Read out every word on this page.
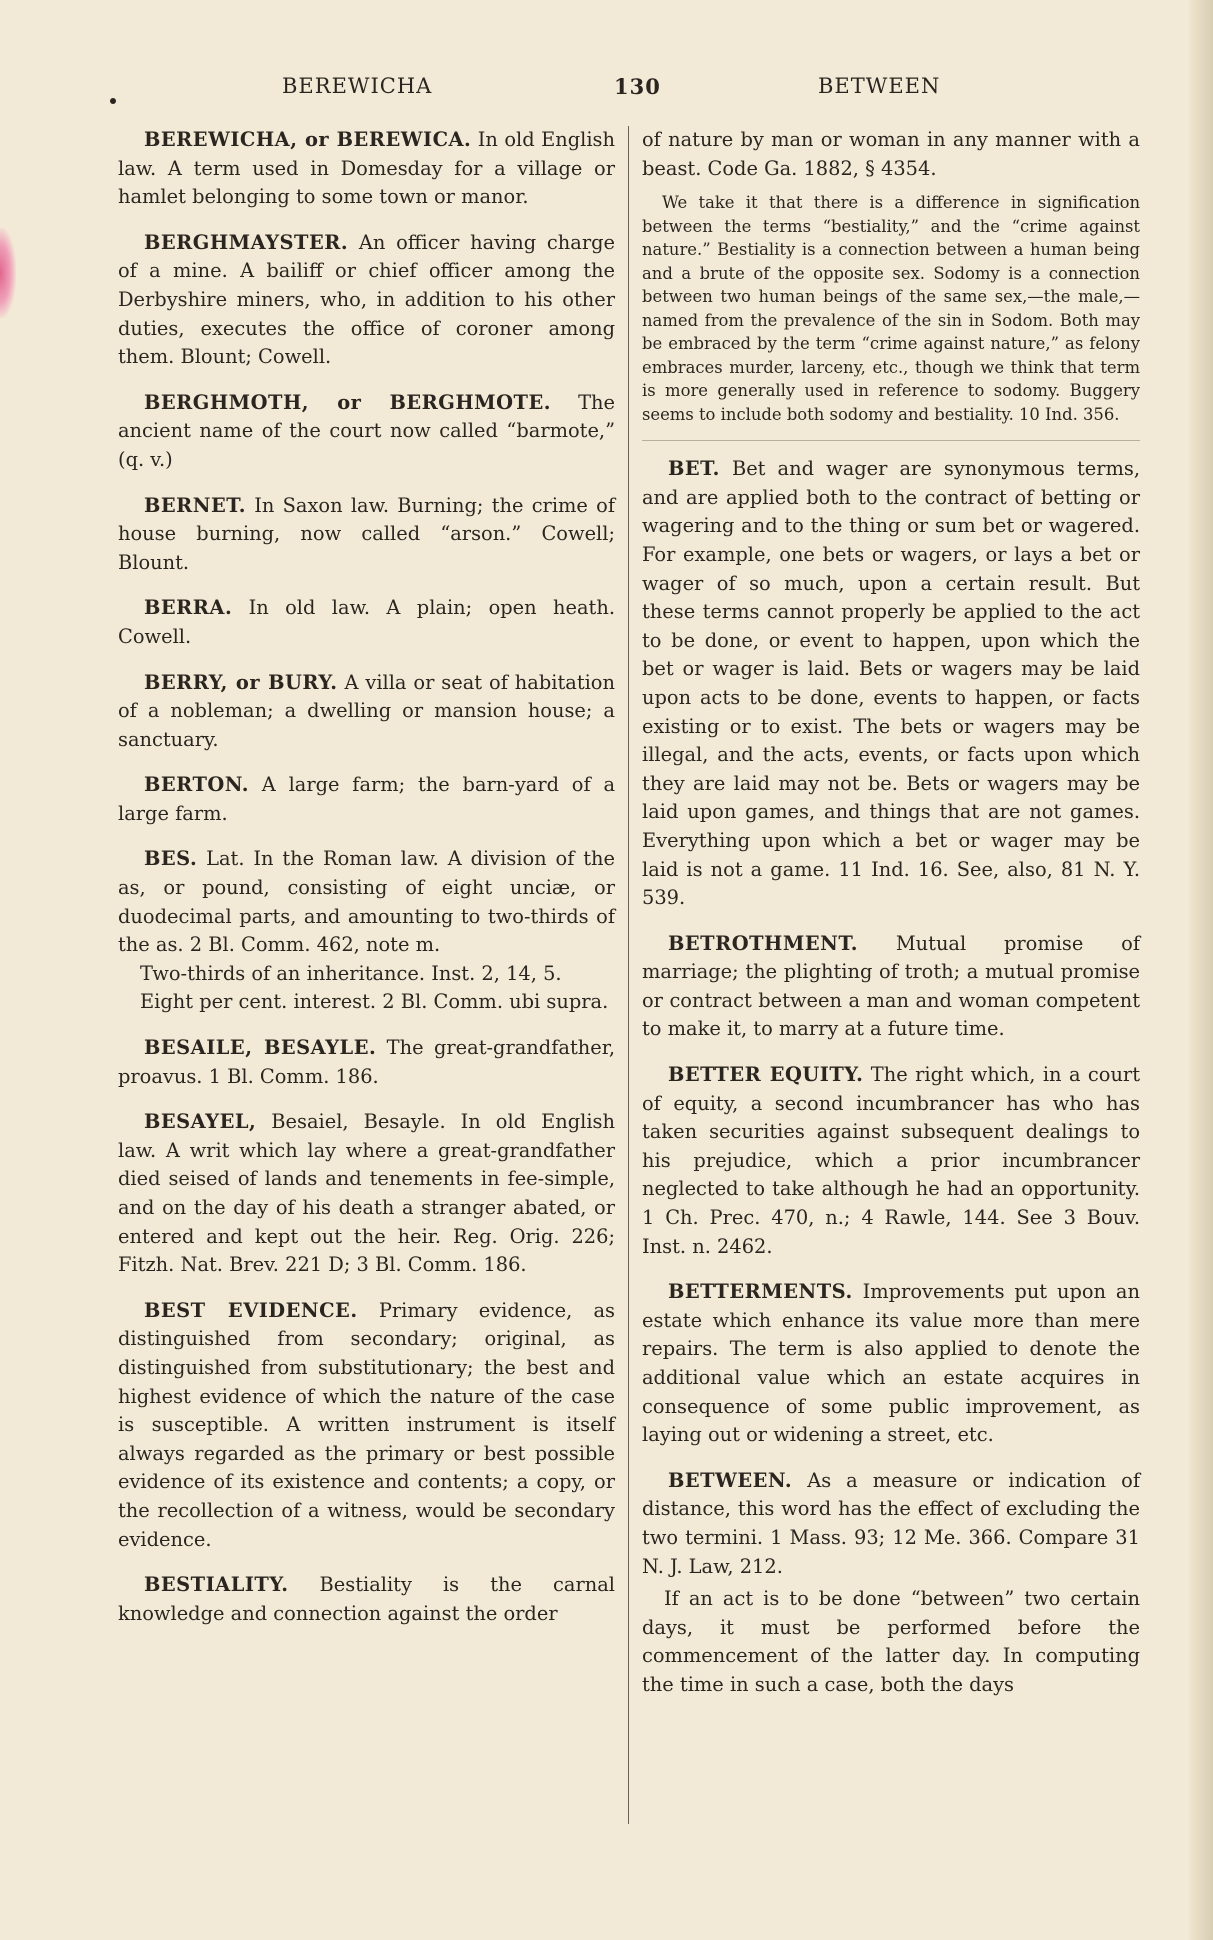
BEREWICHA	130	BETWEEN

BEREWICHA, or BEREWICA. In old English law. A term used in Domesday for a village or hamlet belonging to some town or manor.

BERGHMAYSTER. An officer having charge of a mine. A bailiff or chief officer among the Derbyshire miners, who, in addition to his other duties, executes the office of coroner among them. Blount; Cowell.

BERGHMOTH, or BERGHMOTE. The ancient name of the court now called “barmote,” (q. v.)

BERNET. In Saxon law. Burning; the crime of house burning, now called “arson.” Cowell; Blount.

BERRA. In old law. A plain; open heath. Cowell.

BERRY, or BURY. A villa or seat of habitation of a nobleman; a dwelling or mansion house; a sanctuary.

BERTON. A large farm; the barn-yard of a large farm.

BES. Lat. In the Roman law. A division of the as, or pound, consisting of eight unciæ, or duodecimal parts, and amounting to two-thirds of the as. 2 Bl. Comm. 462, note m.

Two-thirds of an inheritance. Inst. 2, 14, 5.

Eight per cent. interest. 2 Bl. Comm. ubi supra.

BESAILE, BESAYLE. The great-grandfather, proavus. 1 Bl. Comm. 186.

BESAYEL, Besaiel, Besayle. In old English law. A writ which lay where a great-grandfather died seised of lands and tenements in fee-simple, and on the day of his death a stranger abated, or entered and kept out the heir. Reg. Orig. 226; Fitzh. Nat. Brev. 221 D; 3 Bl. Comm. 186.

BEST EVIDENCE. Primary evidence, as distinguished from secondary; original, as distinguished from substitutionary; the best and highest evidence of which the nature of the case is susceptible. A written instrument is itself always regarded as the primary or best possible evidence of its existence and contents; a copy, or the recollection of a witness, would be secondary evidence.

BESTIALITY. Bestiality is the carnal knowledge and connection against the order

of nature by man or woman in any manner with a beast. Code Ga. 1882, § 4354.

We take it that there is a difference in signification between the terms “bestiality,” and the “crime against nature.” Bestiality is a connection between a human being and a brute of the opposite sex. Sodomy is a connection between two human beings of the same sex,—the male,—named from the prevalence of the sin in Sodom. Both may be embraced by the term “crime against nature,” as felony embraces murder, larceny, etc., though we think that term is more generally used in reference to sodomy. Buggery seems to include both sodomy and bestiality. 10 Ind. 356.

BET. Bet and wager are synonymous terms, and are applied both to the contract of betting or wagering and to the thing or sum bet or wagered. For example, one bets or wagers, or lays a bet or wager of so much, upon a certain result. But these terms cannot properly be applied to the act to be done, or event to happen, upon which the bet or wager is laid. Bets or wagers may be laid upon acts to be done, events to happen, or facts existing or to exist. The bets or wagers may be illegal, and the acts, events, or facts upon which they are laid may not be. Bets or wagers may be laid upon games, and things that are not games. Everything upon which a bet or wager may be laid is not a game. 11 Ind. 16. See, also, 81 N. Y. 539.

BETROTHMENT. Mutual promise of marriage; the plighting of troth; a mutual promise or contract between a man and woman competent to make it, to marry at a future time.

BETTER EQUITY. The right which, in a court of equity, a second incumbrancer has who has taken securities against subsequent dealings to his prejudice, which a prior incumbrancer neglected to take although he had an opportunity. 1 Ch. Prec. 470, n.; 4 Rawle, 144. See 3 Bouv. Inst. n. 2462.

BETTERMENTS. Improvements put upon an estate which enhance its value more than mere repairs. The term is also applied to denote the additional value which an estate acquires in consequence of some public improvement, as laying out or widening a street, etc.

BETWEEN. As a measure or indication of distance, this word has the effect of excluding the two termini. 1 Mass. 93; 12 Me. 366. Compare 31 N. J. Law, 212.

If an act is to be done “between” two certain days, it must be performed before the commencement of the latter day. In computing the time in such a case, both the days
